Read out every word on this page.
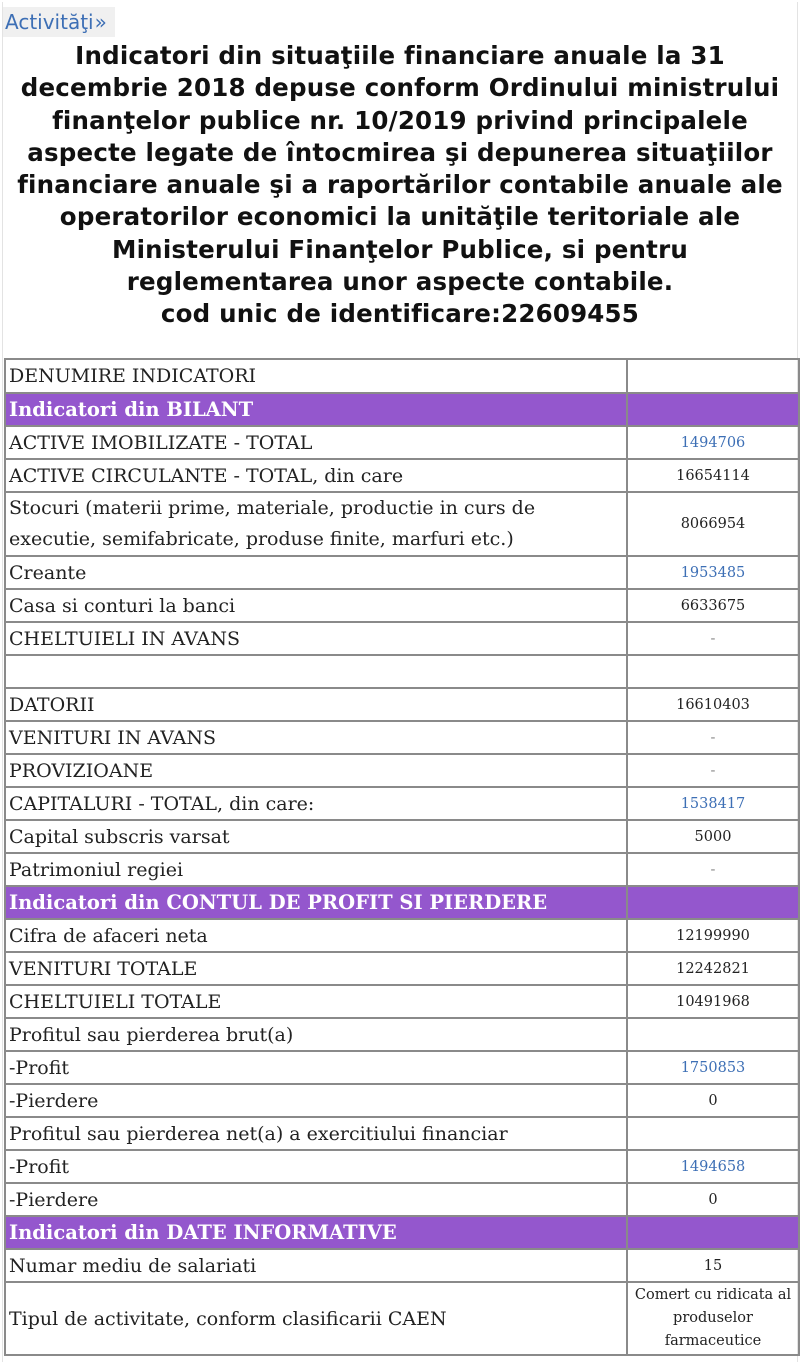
Activităţi »
Indicatori din situaţiile financiare anuale la 31
decembrie 2018 depuse conform Ordinului ministrului
finanţelor publice nr. 10/2019 privind principalele
aspecte legate de întocmirea şi depunerea situaţiilor
financiare anuale şi a raportărilor contabile anuale ale
operatorilor economici la unităţile teritoriale ale
Ministerului Finanţelor Publice, si pentru
reglementarea unor aspecte contabile.
cod unic de identificare:22609455
DENUMIRE INDICATORI	
Indicatori din BILANT	
ACTIVE IMOBILIZATE - TOTAL	1494706
ACTIVE CIRCULANTE - TOTAL, din care	16654114
Stocuri (materii prime, materiale, productie in curs de executie, semifabricate, produse finite, marfuri etc.)	8066954
Creante	1953485
Casa si conturi la banci	6633675
CHELTUIELI IN AVANS	-

DATORII	16610403
VENITURI IN AVANS	-
PROVIZIOANE	-
CAPITALURI - TOTAL, din care:	1538417
Capital subscris varsat	5000
Patrimoniul regiei	-
Indicatori din CONTUL DE PROFIT SI PIERDERE	
Cifra de afaceri neta	12199990
VENITURI TOTALE	12242821
CHELTUIELI TOTALE	10491968
Profitul sau pierderea brut(a)	
-Profit	1750853
-Pierdere	0
Profitul sau pierderea net(a) a exercitiului financiar	
-Profit	1494658
-Pierdere	0
Indicatori din DATE INFORMATIVE	
Numar mediu de salariati	15
Tipul de activitate, conform clasificarii CAEN	Comert cu ridicata al produselor farmaceutice
